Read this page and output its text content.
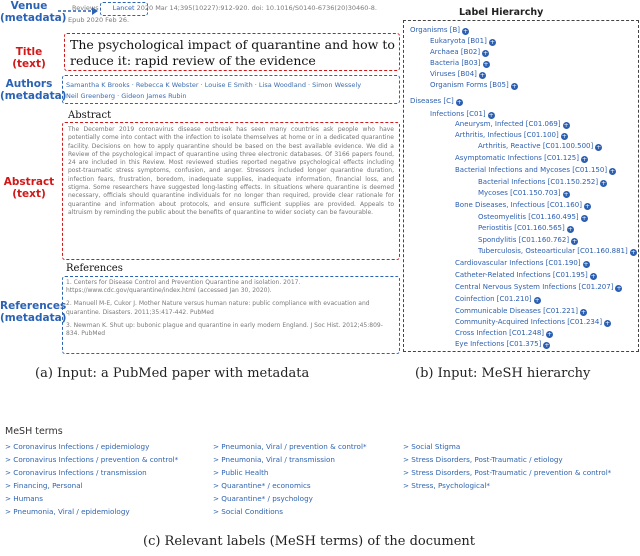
Venue
(metadata)
Reviews Lancet 2020 Mar 14;395(10227):912-920. doi: 10.1016/S0140-6736(20)30460-8.
Epub 2020 Feb 26.
Title (text)
The psychological impact of quarantine and how to reduce it: rapid review of the evidence
Authors
(metadata)
Samantha K Brooks · Rebecca K Webster · Louise E Smith · Lisa Woodland · Simon Wessely
Neil Greenberg · Gideon James Rubin
Abstract
Abstract
(text)
The December 2019 coronavirus disease outbreak has seen many countries ask people who have potentially come into contact with the infection to isolate themselves at home or in a dedicated quarantine facility. Decisions on how to apply quarantine should be based on the best available evidence. We did a Review of the psychological impact of quarantine using three electronic databases. Of 3166 papers found, 24 are included in this Review. Most reviewed studies reported negative psychological effects including post-traumatic stress symptoms, confusion, and anger. Stressors included longer quarantine duration, infection fears, frustration, boredom, inadequate supplies, inadequate information, financial loss, and stigma. Some researchers have suggested long-lasting effects. In situations where quarantine is deemed necessary, officials should quarantine individuals for no longer than required, provide clear rationale for quarantine and information about protocols, and ensure sufficient supplies are provided. Appeals to altruism by reminding the public about the benefits of quarantine to wider society can be favourable.
References
References
(metadata)
1. Centers for Disease Control and Prevention Quarantine and isolation. 2017. https://www.cdc.gov/quarantine/index.html (accessed Jan 30, 2020).
2. Manuell M-E, Cukor J. Mother Nature versus human nature: public compliance with evacuation and quarantine. Disasters. 2011;35:417-442. PubMed
3. Newman K. Shut up: bubonic plague and quarantine in early modern England. J Soc Hist. 2012;45:809-834. PubMed
(a) Input: a PubMed paper with metadata
Label Hierarchy
Organisms [B] +
Eukaryota [B01] +
Archaea [B02] +
Bacteria [B03] +
Viruses [B04] +
Organism Forms [B05] +
Diseases [C] +
Infections [C01] +
Aneurysm, Infected [C01.069] +
Arthritis, Infectious [C01.100] +
Arthritis, Reactive [C01.100.500] +
Asymptomatic Infections [C01.125] +
Bacterial Infections and Mycoses [C01.150] +
Bacterial Infections [C01.150.252] +
Mycoses [C01.150.703] +
Bone Diseases, Infectious [C01.160] +
Osteomyelitis [C01.160.495] +
Periostitis [C01.160.565] +
Spondylitis [C01.160.762] +
Tuberculosis, Osteoarticular [C01.160.881] +
Cardiovascular Infections [C01.190] +
Catheter-Related Infections [C01.195] +
Central Nervous System Infections [C01.207] +
Coinfection [C01.210] +
Communicable Diseases [C01.221] +
Community-Acquired Infections [C01.234] +
Cross Infection [C01.248] +
Eye Infections [C01.375] +
(b) Input: MeSH hierarchy
MeSH terms
> Coronavirus Infections / epidemiology
> Coronavirus Infections / prevention & control*
> Coronavirus Infections / transmission
> Financing, Personal
> Humans
> Pneumonia, Viral / epidemiology
> Pneumonia, Viral / prevention & control*
> Pneumonia, Viral / transmission
> Public Health
> Quarantine* / economics
> Quarantine* / psychology
> Social Conditions
> Social Stigma
> Stress Disorders, Post-Traumatic / etiology
> Stress Disorders, Post-Traumatic / prevention & control*
> Stress, Psychological*
(c) Relevant labels (MeSH terms) of the document
